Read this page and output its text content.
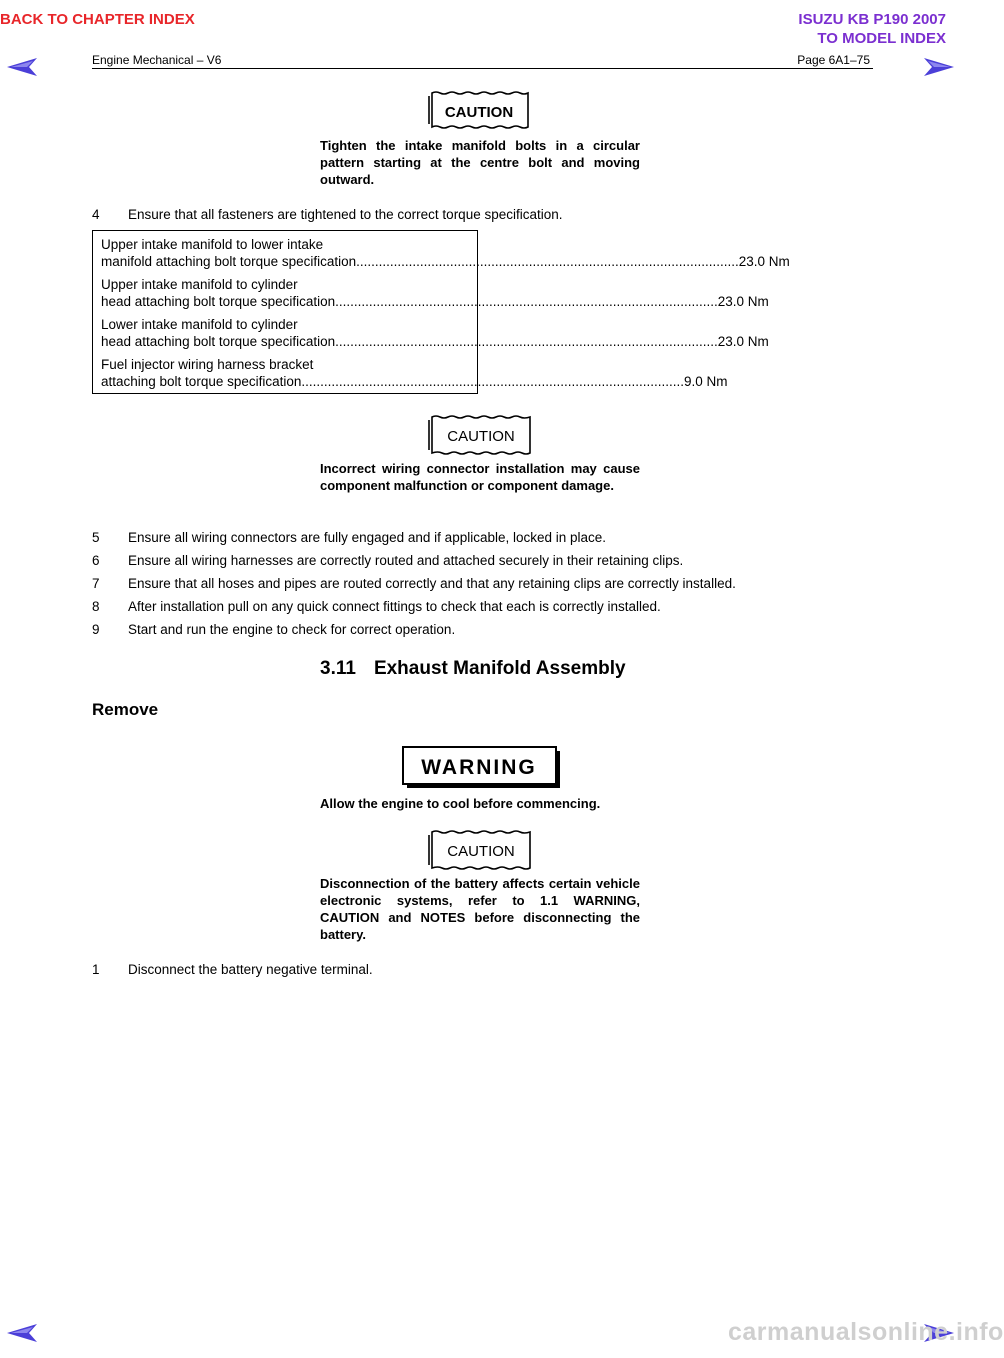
BACK TO CHAPTER INDEX	ISUZU KB P190 2007
TO MODEL INDEX
Engine Mechanical – V6	Page 6A1–75
CAUTION
Tighten the intake manifold bolts in a circular pattern starting at the centre bolt and moving outward.
4 Ensure that all fasteners are tightened to the correct torque specification.
Upper intake manifold to lower intake
manifold attaching bolt torque specification .....	23.0 Nm
Upper intake manifold to cylinder
head attaching bolt torque specification .....	23.0 Nm
Lower intake manifold to cylinder
head attaching bolt torque specification .....	23.0 Nm
Fuel injector wiring harness bracket
attaching bolt torque specification .....	9.0 Nm
CAUTION
Incorrect wiring connector installation may cause component malfunction or component damage.
5 Ensure all wiring connectors are fully engaged and if applicable, locked in place.
6 Ensure all wiring harnesses are correctly routed and attached securely in their retaining clips.
7 Ensure that all hoses and pipes are routed correctly and that any retaining clips are correctly installed.
8 After installation pull on any quick connect fittings to check that each is correctly installed.
9 Start and run the engine to check for correct operation.
3.11 Exhaust Manifold Assembly
Remove
WARNING
Allow the engine to cool before commencing.
CAUTION
Disconnection of the battery affects certain vehicle electronic systems, refer to 1.1 WARNING, CAUTION and NOTES before disconnecting the battery.
1 Disconnect the battery negative terminal.
carmanualsonline.info
